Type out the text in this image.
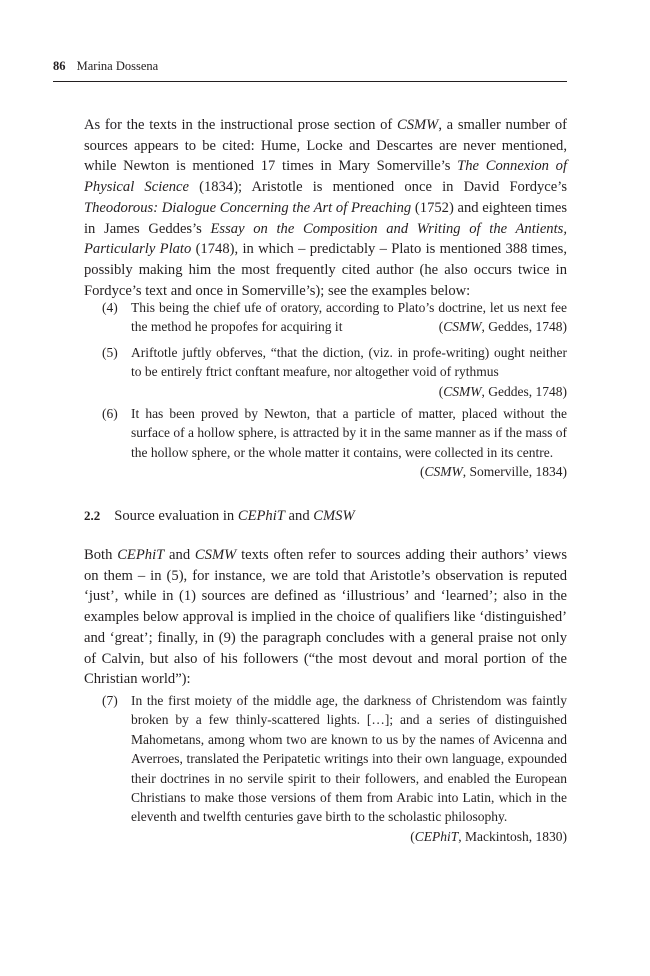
86 Marina Dossena

As for the texts in the instructional prose section of CSMW, a smaller number of sources appears to be cited: Hume, Locke and Descartes are never mentioned, while Newton is mentioned 17 times in Mary Somerville’s The Connexion of Physical Science (1834); Aristotle is mentioned once in David Fordyce’s Theodorous: Dialogue Concerning the Art of Preaching (1752) and eighteen times in James Geddes’s Essay on the Composition and Writing of the Antients, Particularly Plato (1748), in which – predictably – Plato is mentioned 388 times, possibly making him the most frequently cited author (he also occurs twice in Fordyce’s text and once in Somerville’s); see the examples below:

(4) This being the chief ufe of oratory, according to Plato’s doctrine, let us next fee the method he propofes for acquiring it	(CSMW, Geddes, 1748)
(5) Ariftotle juftly obferves, “that the diction, (viz. in profe-writing) ought neither to be entirely ftrict conftant meafure, nor altogether void of rythmus
(CSMW, Geddes, 1748)
(6) It has been proved by Newton, that a particle of matter, placed without the surface of a hollow sphere, is attracted by it in the same manner as if the mass of the hollow sphere, or the whole matter it contains, were collected in its centre.
(CSMW, Somerville, 1834)
2.2 Source evaluation in CEPhiT and CMSW

Both CEPhiT and CSMW texts often refer to sources adding their authors’ views on them – in (5), for instance, we are told that Aristotle’s observation is reputed ‘just’, while in (1) sources are defined as ‘illustrious’ and ‘learned’; also in the examples below approval is implied in the choice of qualifiers like ‘distinguished’ and ‘great’; finally, in (9) the paragraph concludes with a general praise not only of Calvin, but also of his followers (“the most devout and moral portion of the Christian world”):

(7) In the first moiety of the middle age, the darkness of Christendom was faintly broken by a few thinly-scattered lights. […]; and a series of distinguished Mahometans, among whom two are known to us by the names of Avicenna and Averroes, translated the Peripatetic writings into their own language, expounded their doctrines in no servile spirit to their followers, and enabled the European Christians to make those versions of them from Arabic into Latin, which in the eleventh and twelfth centuries gave birth to the scholastic philosophy.
(CEPhiT, Mackintosh, 1830)
